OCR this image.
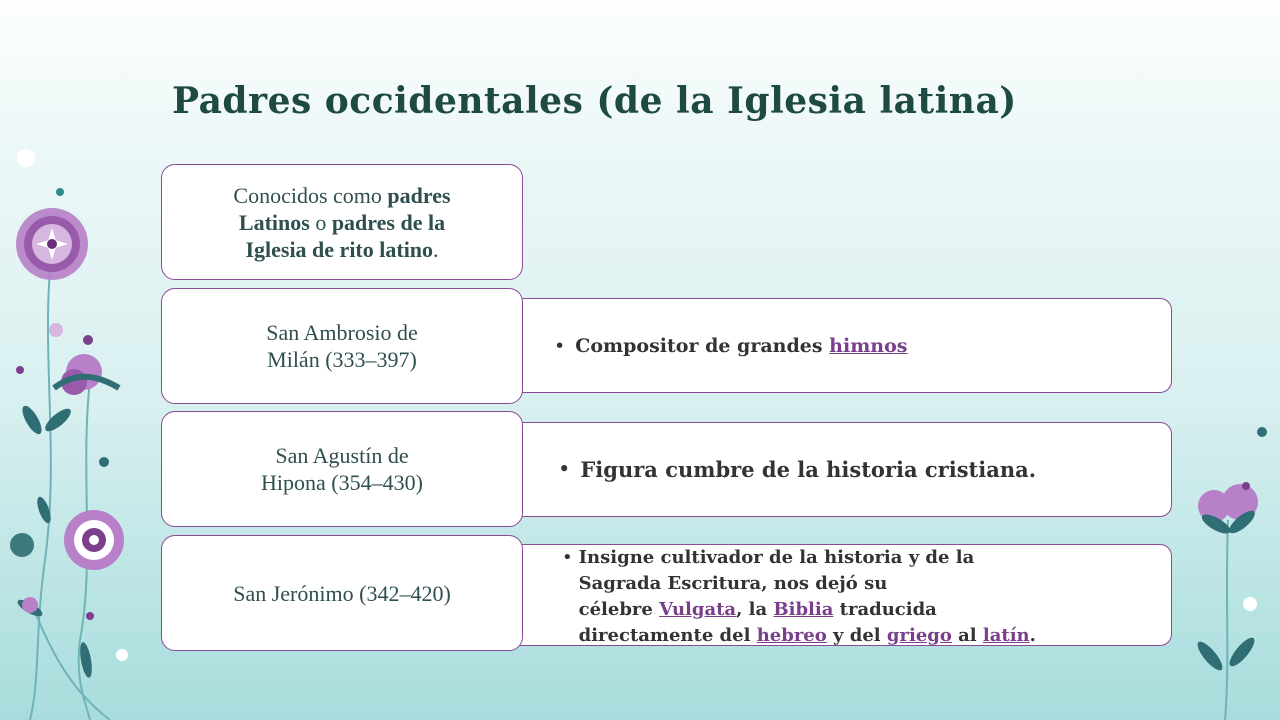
Padres occidentales (de la Iglesia latina)
Conocidos como padres
Latinos o padres de la
Iglesia de rito latino.
• Compositor de grandes himnos
San Ambrosio de
Milán (333–397)
• Figura cumbre de la historia cristiana.
San Agustín de
Hipona (354–430)
• Insigne cultivador de la historia y de la
Sagrada Escritura, nos dejó su
célebre Vulgata, la Biblia traducida
directamente del hebreo y del griego al latín.
San Jerónimo (342–420)
